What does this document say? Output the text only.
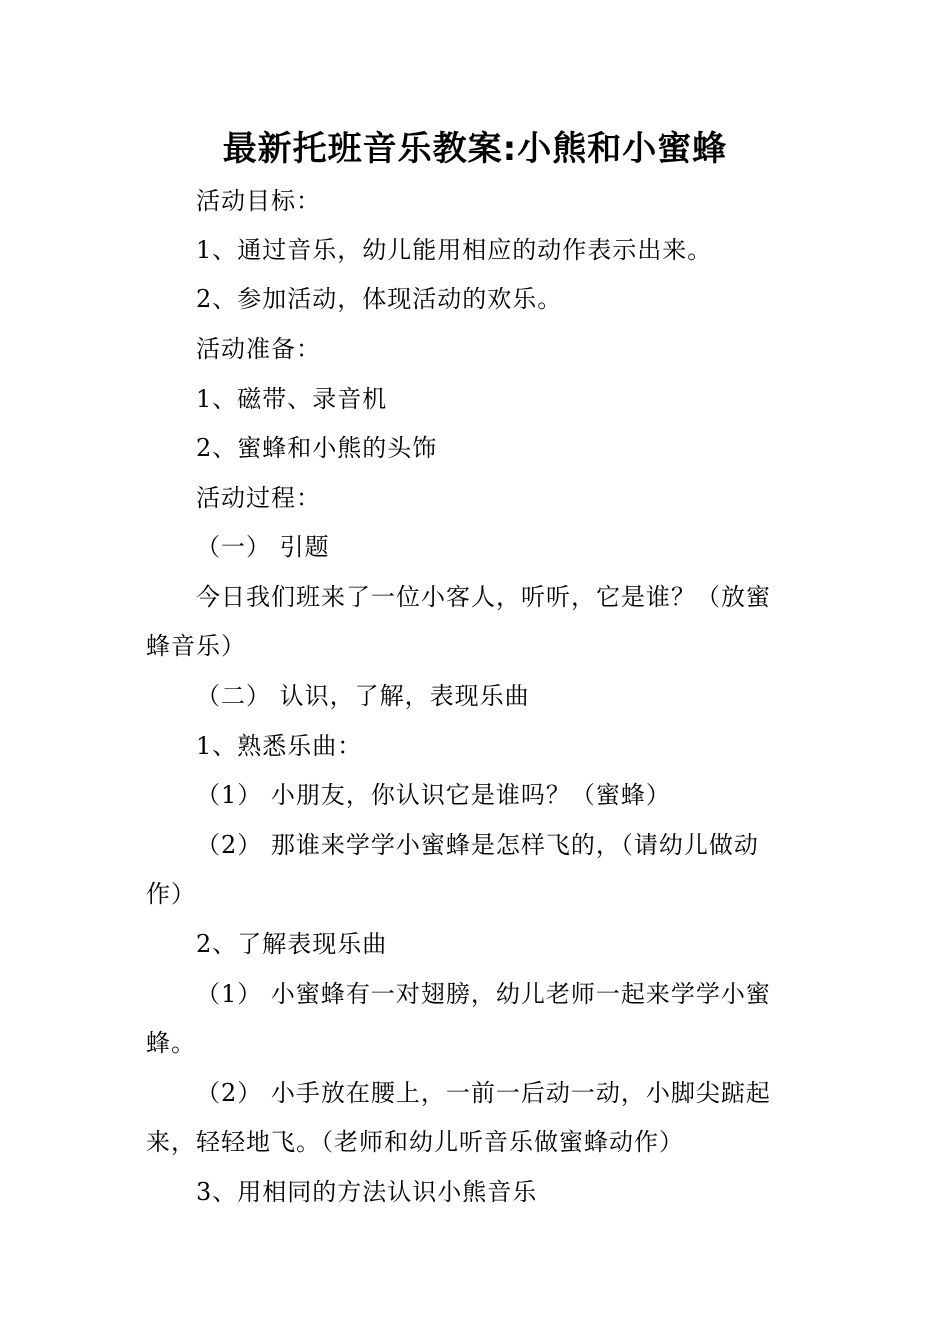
最新托班音乐教案:小熊和小蜜蜂
活动目标：
1、通过音乐，幼儿能用相应的动作表示出来。
2、参加活动，体现活动的欢乐。
活动准备：
1、磁带、录音机
2、蜜蜂和小熊的头饰
活动过程：
（一） 引题
今日我们班来了一位小客人，听听，它是谁？（放蜜
蜂音乐）
（二） 认识，了解，表现乐曲
1、熟悉乐曲：
（1） 小朋友，你认识它是谁吗？（蜜蜂）
（2） 那谁来学学小蜜蜂是怎样飞的，（请幼儿做动
作）
2、了解表现乐曲
（1） 小蜜蜂有一对翅膀，幼儿老师一起来学学小蜜
蜂。
（2） 小手放在腰上，一前一后动一动，小脚尖踮起
来，轻轻地飞。（老师和幼儿听音乐做蜜蜂动作）
3、用相同的方法认识小熊音乐
